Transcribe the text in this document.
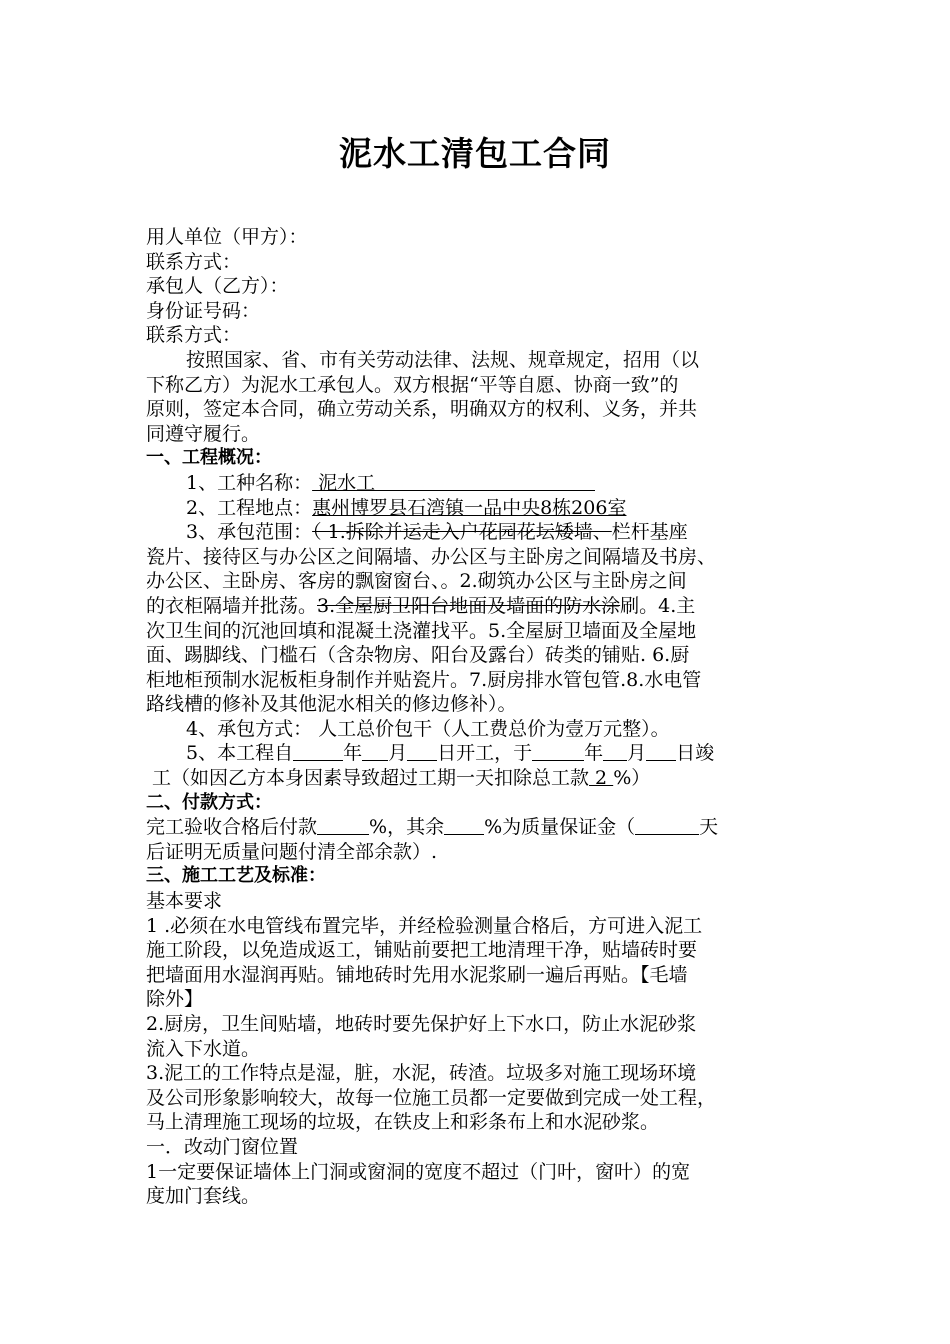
泥水工清包工合同
用人单位（甲方）：
联系方式：
承包人（乙方）：
身份证号码：
联系方式：
按照国家、省、市有关劳动法律、法规、规章规定，招用（以
下称乙方）为泥水工承包人。双方根据“平等自愿、协商一致”的
原则，签定本合同，确立劳动关系，明确双方的权利、义务，并共
同遵守履行。
一、工程概况：
1、工种名称： 泥水工
2、工程地点：惠州博罗县石湾镇一品中央8栋206室
3、承包范围：（ 1.拆除并运走入户花园花坛矮墙、栏杆基座
瓷片、接待区与办公区之间隔墙、办公区与主卧房之间隔墙及书房、
办公区、主卧房、客房的飘窗窗台、。2.砌筑办公区与主卧房之间
的衣柜隔墙并批荡。3.全屋厨卫阳台地面及墙面的防水涂刷。4.主
次卫生间的沉池回填和混凝土浇灌找平。5.全屋厨卫墙面及全屋地
面、踢脚线、门槛石（含杂物房、阳台及露台）砖类的铺贴. 6.厨
柜地柜预制水泥板柜身制作并贴瓷片。7.厨房排水管包管.8.水电管
路线槽的修补及其他泥水相关的修边修补）。
4、承包方式： 人工总价包干（人工费总价为壹万元整）。
5、本工程自	年 月 日开工，于	年 月 日竣
工（如因乙方本身因素导致超过工期一天扣除总工款 2 %）
二、付款方式：
完工验收合格后付款	%，其余 %为质量保证金（	天
后证明无质量问题付清全部余款）.
三、施工工艺及标准：
基本要求
1 .必须在水电管线布置完毕，并经检验测量合格后，方可进入泥工
施工阶段，以免造成返工，铺贴前要把工地清理干净，贴墙砖时要
把墙面用水湿润再贴。铺地砖时先用水泥浆刷一遍后再贴。【毛墙
除外】
2.厨房，卫生间贴墙，地砖时要先保护好上下水口，防止水泥砂浆
流入下水道。
3.泥工的工作特点是湿，脏，水泥，砖渣。垃圾多对施工现场环境
及公司形象影响较大，故每一位施工员都一定要做到完成一处工程，
马上清理施工现场的垃圾，在铁皮上和彩条布上和水泥砂浆。
一．改动门窗位置
1一定要保证墙体上门洞或窗洞的宽度不超过（门叶，窗叶）的宽
度加门套线。
